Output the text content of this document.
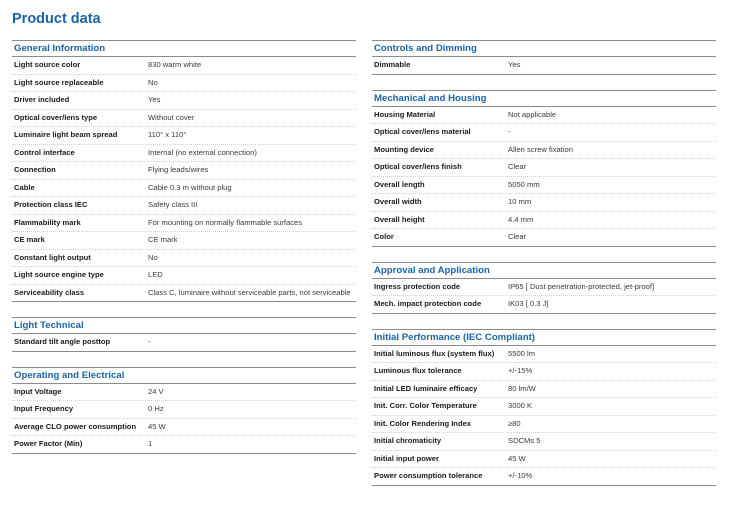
Product data
General Information
Light source color	830 warm white
Light source replaceable	No
Driver included	Yes
Optical cover/lens type	Without cover
Luminaire light beam spread	110° x 110°
Control interface	Internal (no external connection)
Connection	Flying leads/wires
Cable	Cable 0.3 m without plug
Protection class IEC	Safety class III
Flammability mark	For mounting on normally flammable surfaces
CE mark	CE mark
Constant light output	No
Light source engine type	LED
Serviceability class	Class C, luminaire without serviceable parts, not serviceable
Light Technical
Standard tilt angle posttop	-
Operating and Electrical
Input Voltage	24 V
Input Frequency	0 Hz
Average CLO power consumption	45 W
Power Factor (Min)	1
Controls and Dimming
Dimmable	Yes
Mechanical and Housing
Housing Material	Not applicable
Optical cover/lens material	-
Mounting device	Allen screw fixation
Optical cover/lens finish	Clear
Overall length	5050 mm
Overall width	10 mm
Overall height	4.4 mm
Color	Clear
Approval and Application
Ingress protection code	IP65 [ Dust penetration-protected, jet-proof]
Mech. impact protection code	IK03 [ 0.3 J]
Initial Performance (IEC Compliant)
Initial luminous flux (system flux)	5500 lm
Luminous flux tolerance	+/-15%
Initial LED luminaire efficacy	80 lm/W
Init. Corr. Color Temperature	3000 K
Init. Color Rendering Index	≥80
Initial chromaticity	SDCMs 5
Initial input power	45 W
Power consumption tolerance	+/-10%
